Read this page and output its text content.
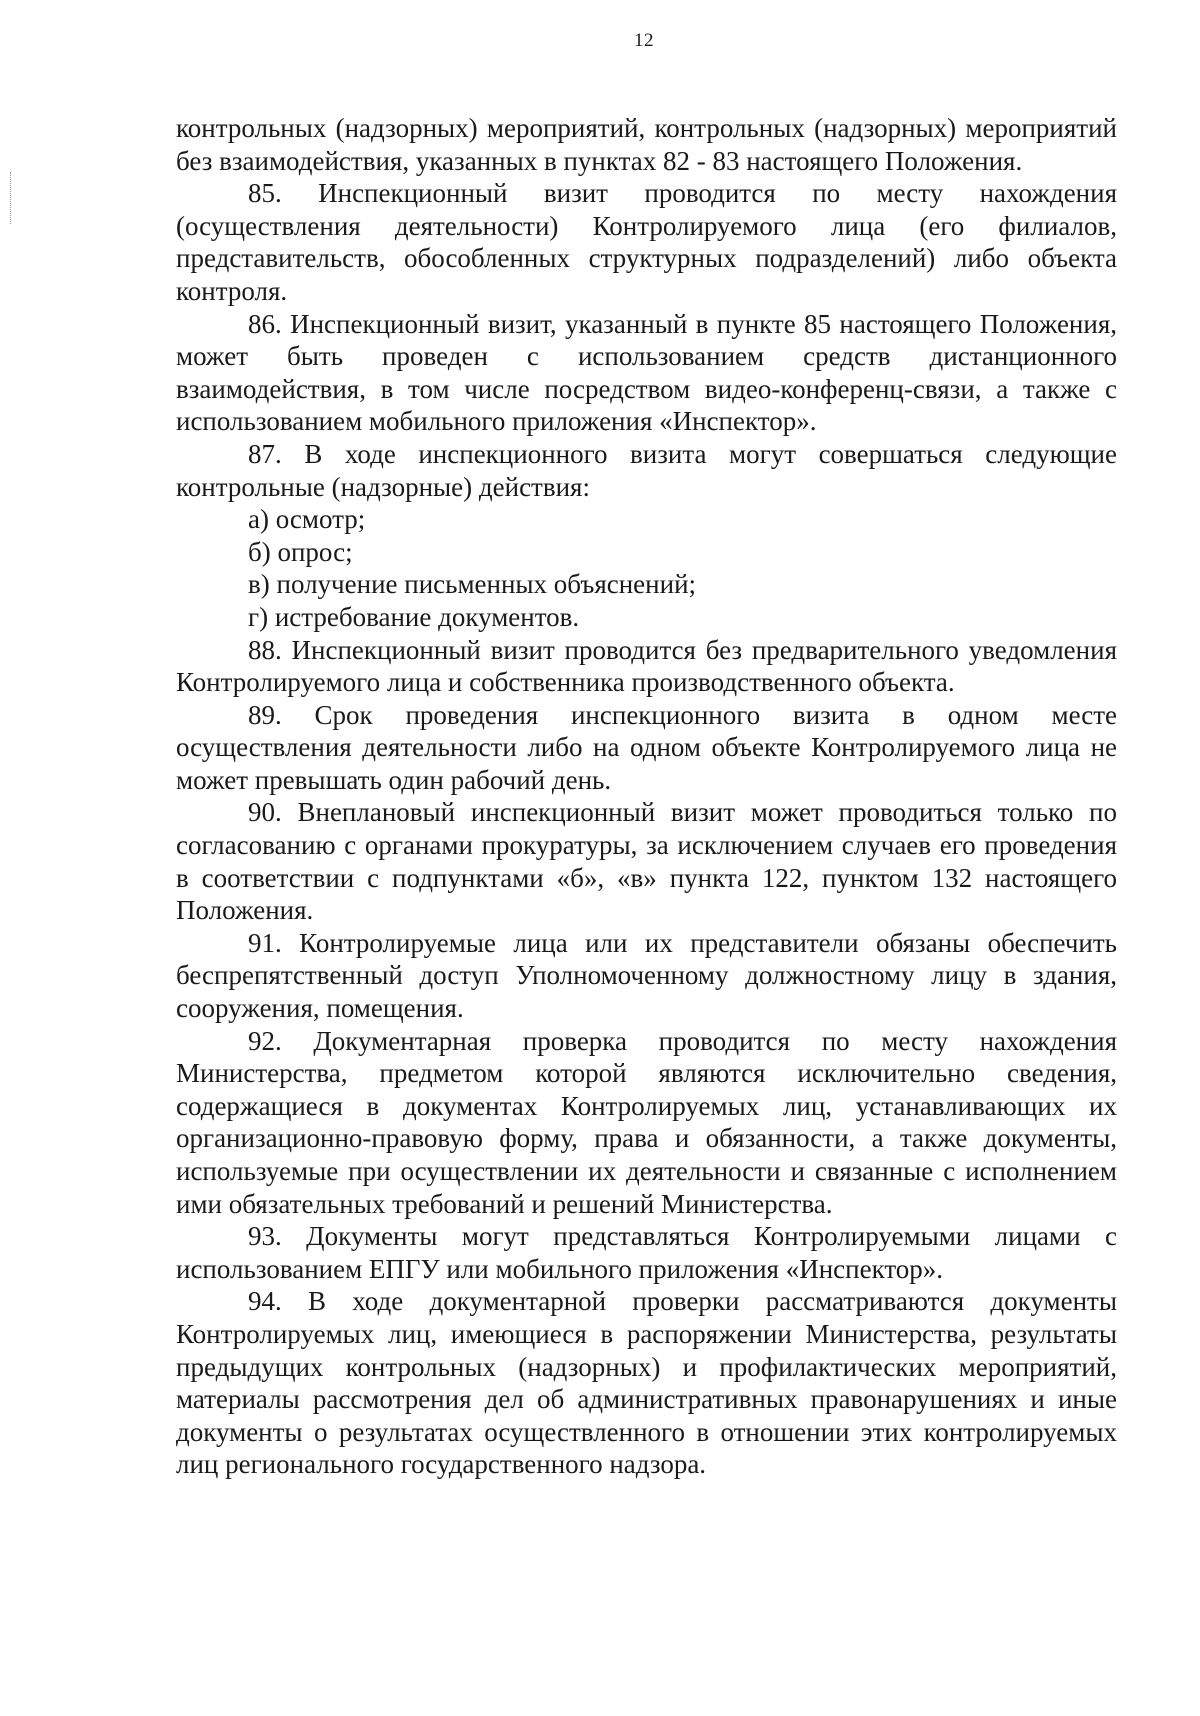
12

контрольных (надзорных) мероприятий, контрольных (надзорных) мероприятий без взаимодействия, указанных в пунктах 82 - 83 настоящего Положения.

85. Инспекционный визит проводится по месту нахождения (осуществления деятельности) Контролируемого лица (его филиалов, представительств, обособленных структурных подразделений) либо объекта контроля.

86. Инспекционный визит, указанный в пункте 85 настоящего Положения, может быть проведен с использованием средств дистанционного взаимодействия, в том числе посредством видео-конференц-связи, а также с использованием мобильного приложения «Инспектор».

87. В ходе инспекционного визита могут совершаться следующие контрольные (надзорные) действия:

а) осмотр;

б) опрос;

в) получение письменных объяснений;

г) истребование документов.

88. Инспекционный визит проводится без предварительного уведомления Контролируемого лица и собственника производственного объекта.

89. Срок проведения инспекционного визита в одном месте осуществления деятельности либо на одном объекте Контролируемого лица не может превышать один рабочий день.

90. Внеплановый инспекционный визит может проводиться только по согласованию с органами прокуратуры, за исключением случаев его проведения в соответствии с подпунктами «б», «в» пункта 122, пунктом 132 настоящего Положения.

91. Контролируемые лица или их представители обязаны обеспечить беспрепятственный доступ Уполномоченному должностному лицу в здания, сооружения, помещения.

92. Документарная проверка проводится по месту нахождения Министерства, предметом которой являются исключительно сведения, содержащиеся в документах Контролируемых лиц, устанавливающих их организационно-правовую форму, права и обязанности, а также документы, используемые при осуществлении их деятельности и связанные с исполнением ими обязательных требований и решений Министерства.

93. Документы могут представляться Контролируемыми лицами с использованием ЕПГУ или мобильного приложения «Инспектор».

94. В ходе документарной проверки рассматриваются документы Контролируемых лиц, имеющиеся в распоряжении Министерства, результаты предыдущих контрольных (надзорных) и профилактических мероприятий, материалы рассмотрения дел об административных правонарушениях и иные документы о результатах осуществленного в отношении этих контролируемых лиц регионального государственного надзора.
